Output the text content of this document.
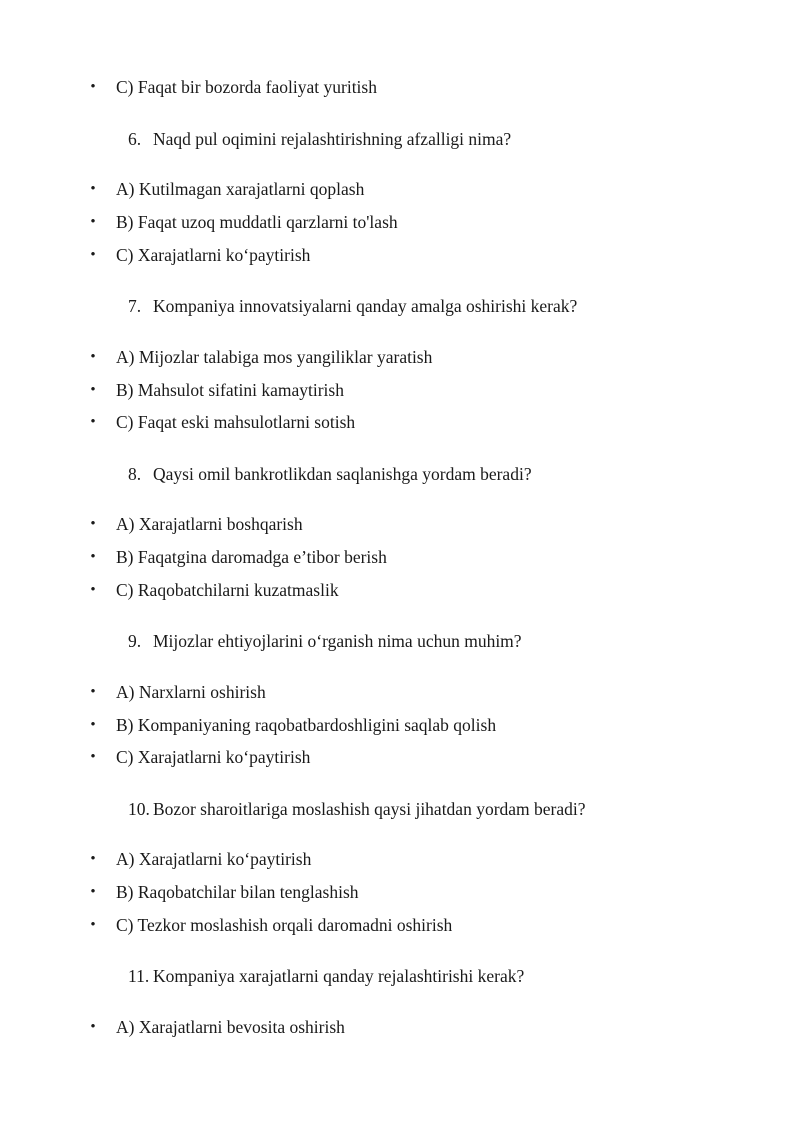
• C) Faqat bir bozorda faoliyat yuritish
6. Naqd pul oqimini rejalashtirishning afzalligi nima?
• A) Kutilmagan xarajatlarni qoplash
• B) Faqat uzoq muddatli qarzlarni to'lash
• C) Xarajatlarni ko‘paytirish
7. Kompaniya innovatsiyalarni qanday amalga oshirishi kerak?
• A) Mijozlar talabiga mos yangiliklar yaratish
• B) Mahsulot sifatini kamaytirish
• C) Faqat eski mahsulotlarni sotish
8. Qaysi omil bankrotlikdan saqlanishga yordam beradi?
• A) Xarajatlarni boshqarish
• B) Faqatgina daromadga e’tibor berish
• C) Raqobatchilarni kuzatmaslik
9. Mijozlar ehtiyojlarini o‘rganish nima uchun muhim?
• A) Narxlarni oshirish
• B) Kompaniyaning raqobatbardoshligini saqlab qolish
• C) Xarajatlarni ko‘paytirish
10. Bozor sharoitlariga moslashish qaysi jihatdan yordam beradi?
• A) Xarajatlarni ko‘paytirish
• B) Raqobatchilar bilan tenglashish
• C) Tezkor moslashish orqali daromadni oshirish
11. Kompaniya xarajatlarni qanday rejalashtirishi kerak?
• A) Xarajatlarni bevosita oshirish
